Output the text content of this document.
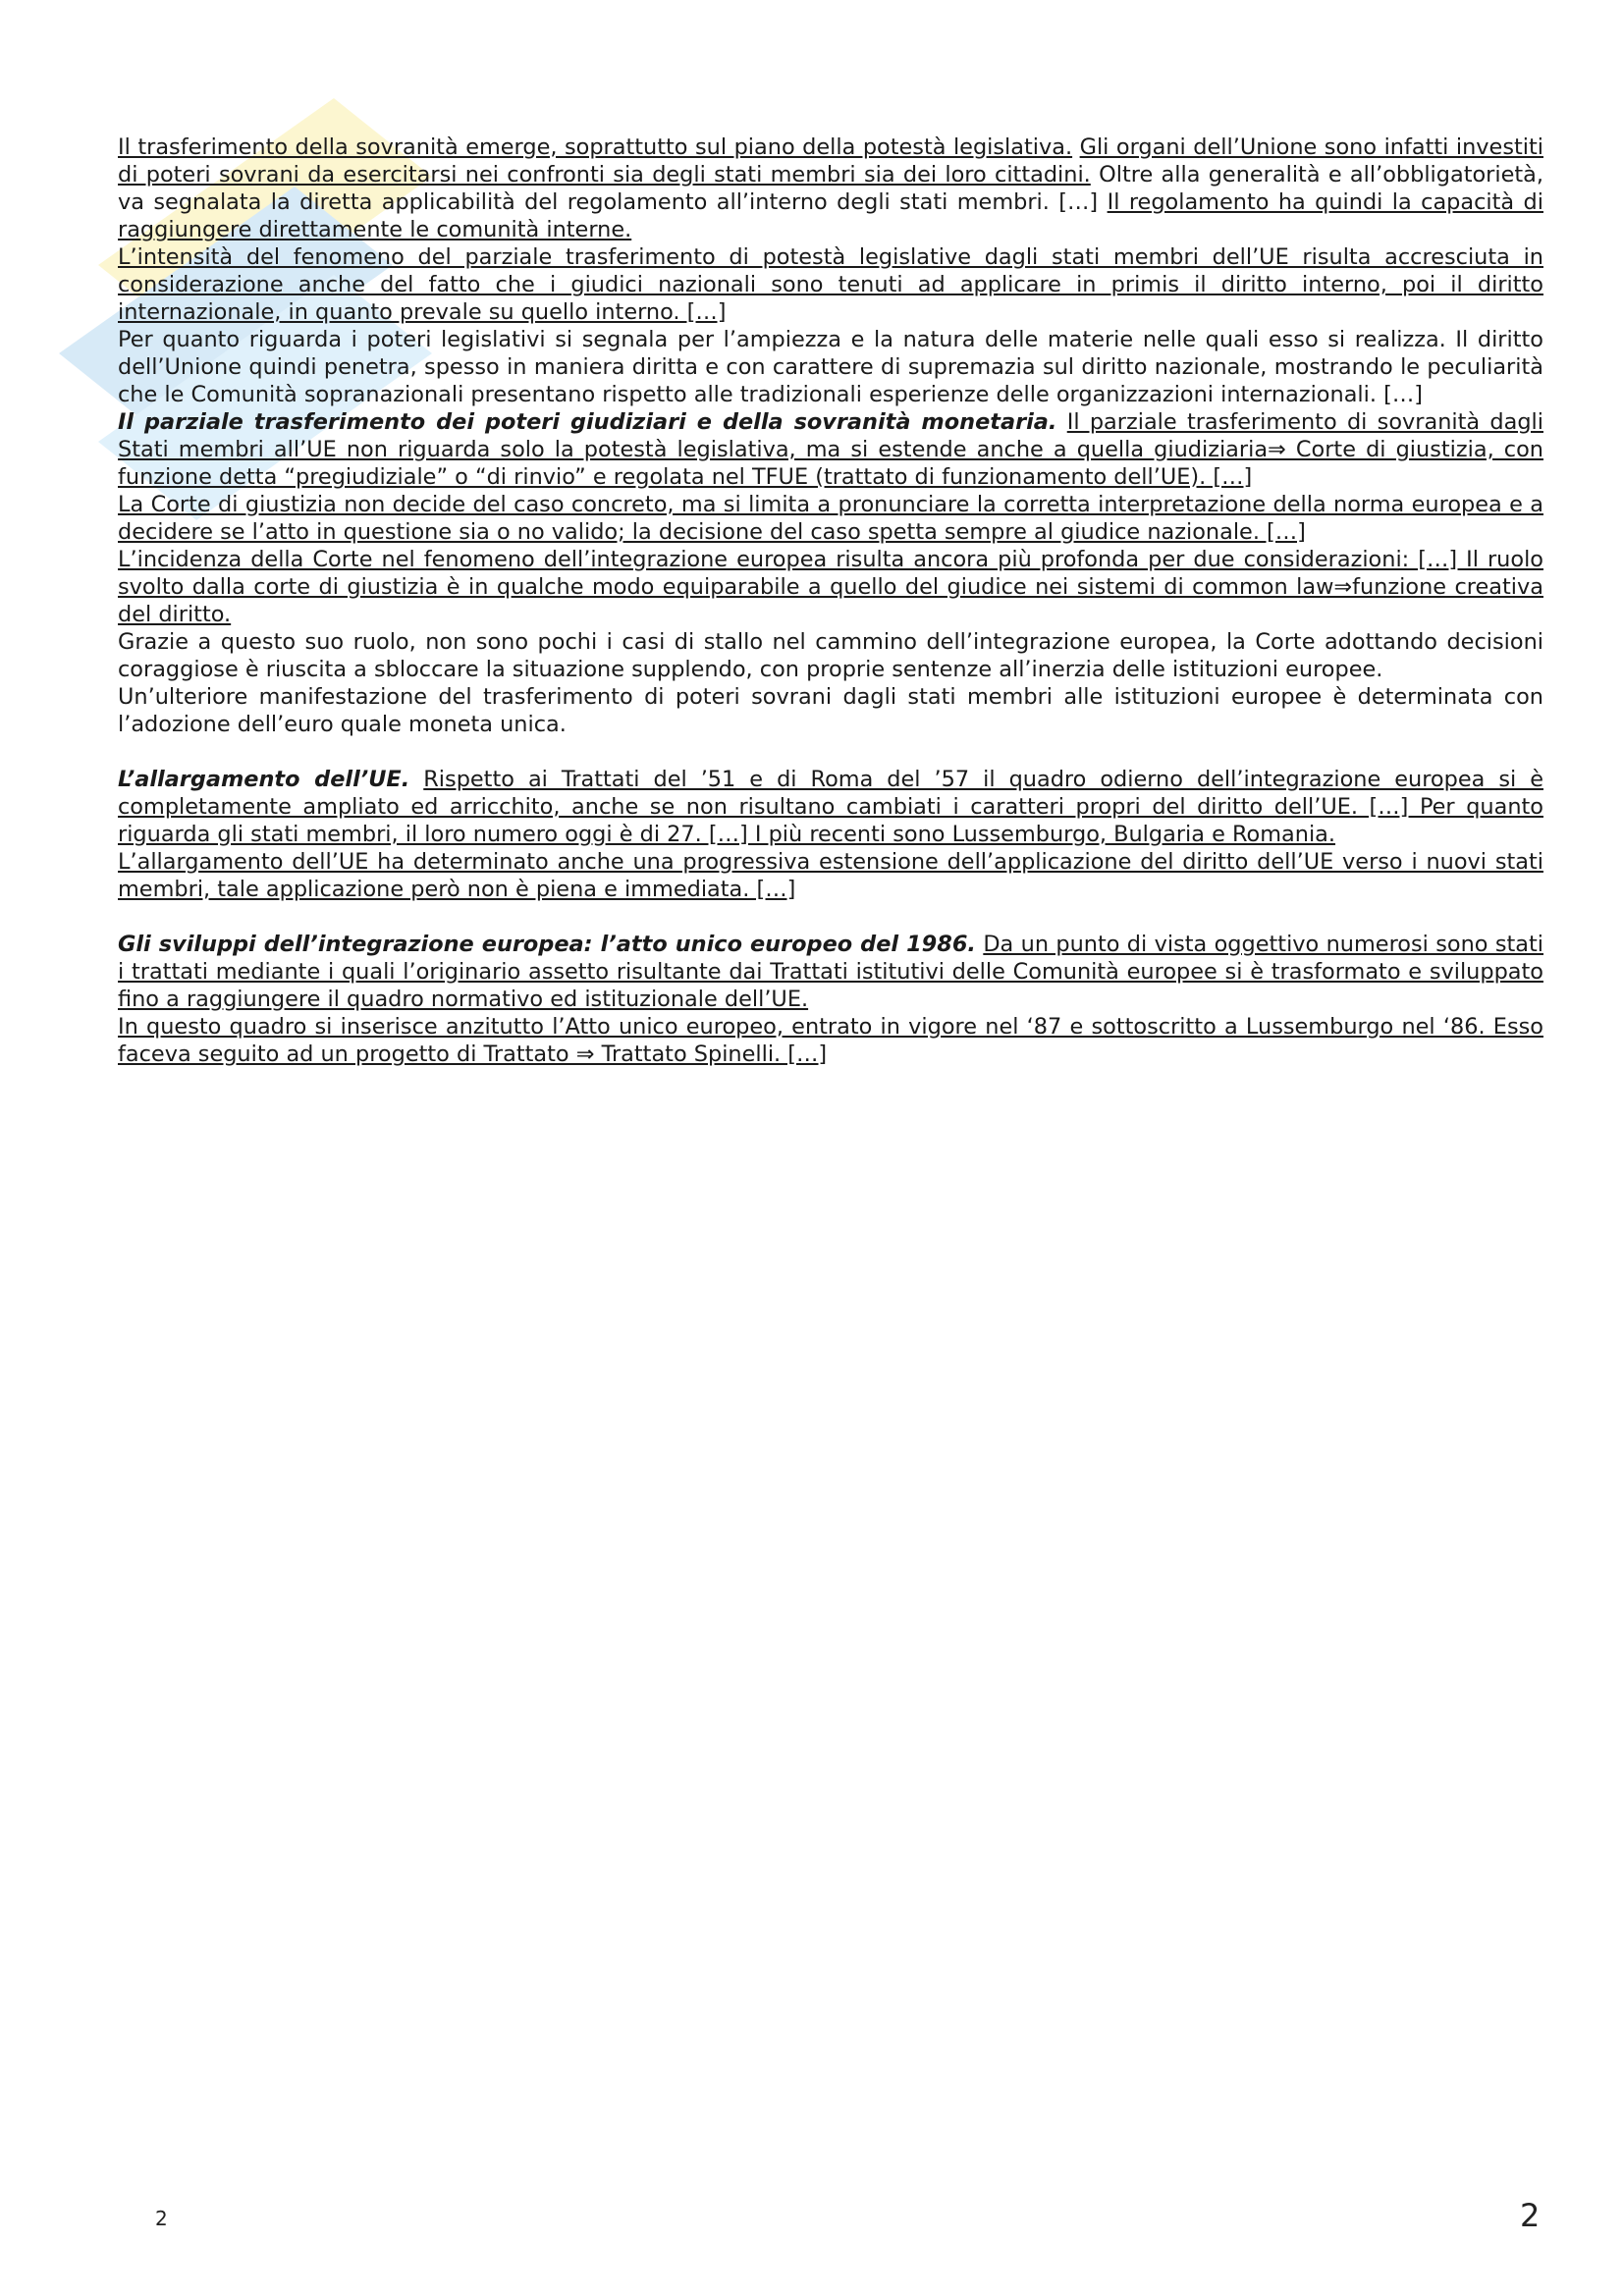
Il trasferimento della sovranità emerge, soprattutto sul piano della potestà legislativa. Gli organi dell’Unione sono infatti investiti di poteri sovrani da esercitarsi nei confronti sia degli stati membri sia dei loro cittadini. Oltre alla generalità e all’obbligatorietà, va segnalata la diretta applicabilità del regolamento all’interno degli stati membri. […] Il regolamento ha quindi la capacità di raggiungere direttamente le comunità interne.

L’intensità del fenomeno del parziale trasferimento di potestà legislative dagli stati membri dell’UE risulta accresciuta in considerazione anche del fatto che i giudici nazionali sono tenuti ad applicare in primis il diritto interno, poi il diritto internazionale, in quanto prevale su quello interno. […]

Per quanto riguarda i poteri legislativi si segnala per l’ampiezza e la natura delle materie nelle quali esso si realizza. Il diritto dell’Unione quindi penetra, spesso in maniera diritta e con carattere di supremazia sul diritto nazionale, mostrando le peculiarità che le Comunità sopranazionali presentano rispetto alle tradizionali esperienze delle organizzazioni internazionali. […]

Il parziale trasferimento dei poteri giudiziari e della sovranità monetaria. Il parziale trasferimento di sovranità dagli Stati membri all’UE non riguarda solo la potestà legislativa, ma si estende anche a quella giudiziaria⇒ Corte di giustizia, con funzione detta “pregiudiziale” o “di rinvio” e regolata nel TFUE (trattato di funzionamento dell’UE). […]

La Corte di giustizia non decide del caso concreto, ma si limita a pronunciare la corretta interpretazione della norma europea e a decidere se l’atto in questione sia o no valido; la decisione del caso spetta sempre al giudice nazionale. […]

L’incidenza della Corte nel fenomeno dell’integrazione europea risulta ancora più profonda per due considerazioni: […] Il ruolo svolto dalla corte di giustizia è in qualche modo equiparabile a quello del giudice nei sistemi di common law⇒funzione creativa del diritto.

Grazie a questo suo ruolo, non sono pochi i casi di stallo nel cammino dell’integrazione europea, la Corte adottando decisioni coraggiose è riuscita a sbloccare la situazione supplendo, con proprie sentenze all’inerzia delle istituzioni europee.

Un’ulteriore manifestazione del trasferimento di poteri sovrani dagli stati membri alle istituzioni europee è determinata con l’adozione dell’euro quale moneta unica.

L’allargamento dell’UE. Rispetto ai Trattati del ’51 e di Roma del ’57 il quadro odierno dell’integrazione europea si è completamente ampliato ed arricchito, anche se non risultano cambiati i caratteri propri del diritto dell’UE. […] Per quanto riguarda gli stati membri, il loro numero oggi è di 27. […] I più recenti sono Lussemburgo, Bulgaria e Romania.

L’allargamento dell’UE ha determinato anche una progressiva estensione dell’applicazione del diritto dell’UE verso i nuovi stati membri, tale applicazione però non è piena e immediata. […]

Gli sviluppi dell’integrazione europea: l’atto unico europeo del 1986. Da un punto di vista oggettivo numerosi sono stati i trattati mediante i quali l’originario assetto risultante dai Trattati istitutivi delle Comunità europee si è trasformato e sviluppato fino a raggiungere il quadro normativo ed istituzionale dell’UE.

In questo quadro si inserisce anzitutto l’Atto unico europeo, entrato in vigore nel ‘87 e sottoscritto a Lussemburgo nel ‘86. Esso faceva seguito ad un progetto di Trattato ⇒ Trattato Spinelli. […]

2	2
